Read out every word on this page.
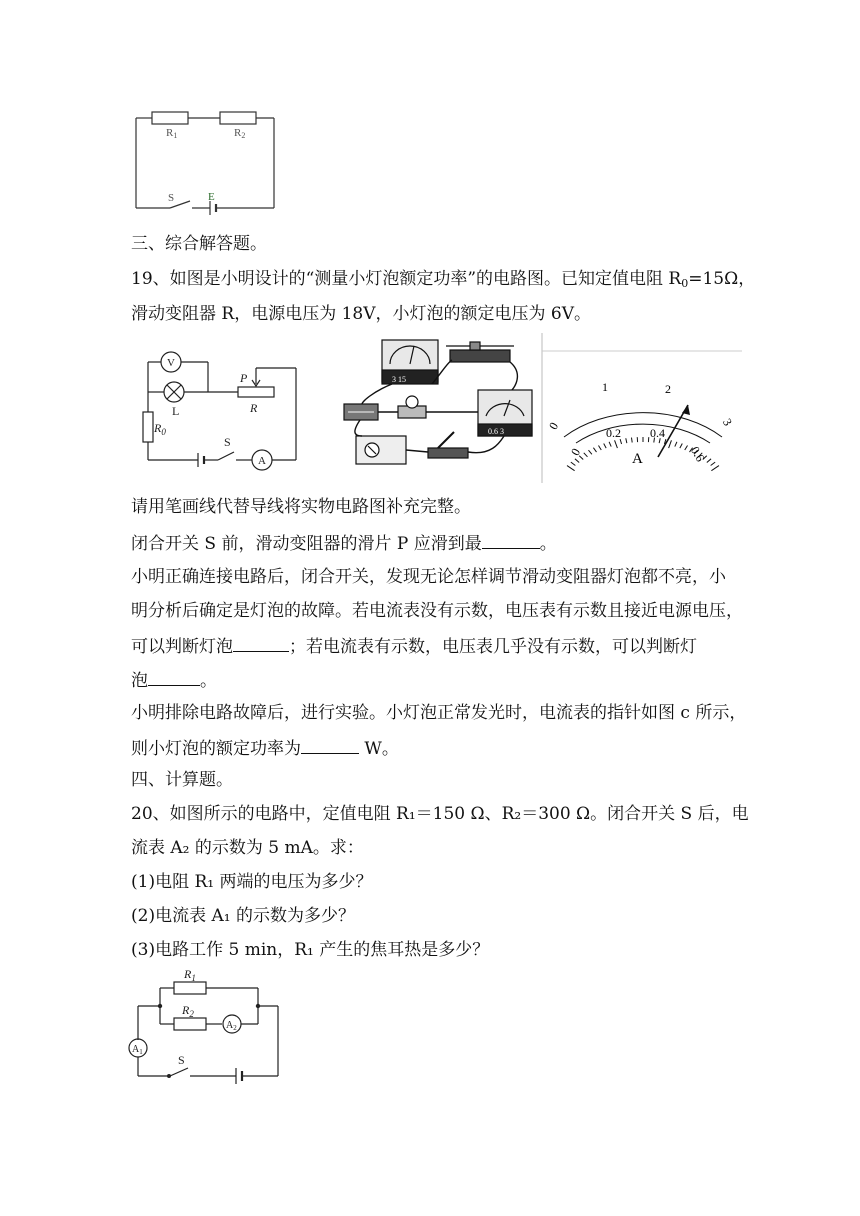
R1	R2
S	E
三、综合解答题。
19、如图是小明设计的“测量小灯泡额定功率”的电路图。已知定值电阻 $R_0=15\Omega$，
滑动变阻器 R，电源电压为 18V，小灯泡的额定电压为 6V。
V
L
P
R
$R_0$
S
A
3 15
0.6 3
1	2
3
0
0
0.2 0.4
0.6
A
请用笔画线代替导线将实物电路图补充完整。
闭合开关 S 前，滑动变阻器的滑片 P 应滑到最	。
小明正确连接电路后，闭合开关，发现无论怎样调节滑动变阻器灯泡都不亮，小
明分析后确定是灯泡的故障。若电流表没有示数，电压表有示数且接近电源电压，
可以判断灯泡	；若电流表有示数，电压表几乎没有示数，可以判断灯
泡	。
小明排除电路故障后，进行实验。小灯泡正常发光时，电流表的指针如图 c 所示，
则小灯泡的额定功率为	W。
四、计算题。
20、如图所示的电路中，定值电阻 R₁＝150 Ω、R₂＝300 Ω。闭合开关 S 后，电
流表 A₂ 的示数为 5 mA。求：
(1)电阻 R₁ 两端的电压为多少？
(2)电流表 A₁ 的示数为多少？
(3)电路工作 5 min，R₁ 产生的焦耳热是多少？
$R_1$
$R_2$
$A_2$
$A_1$
S
